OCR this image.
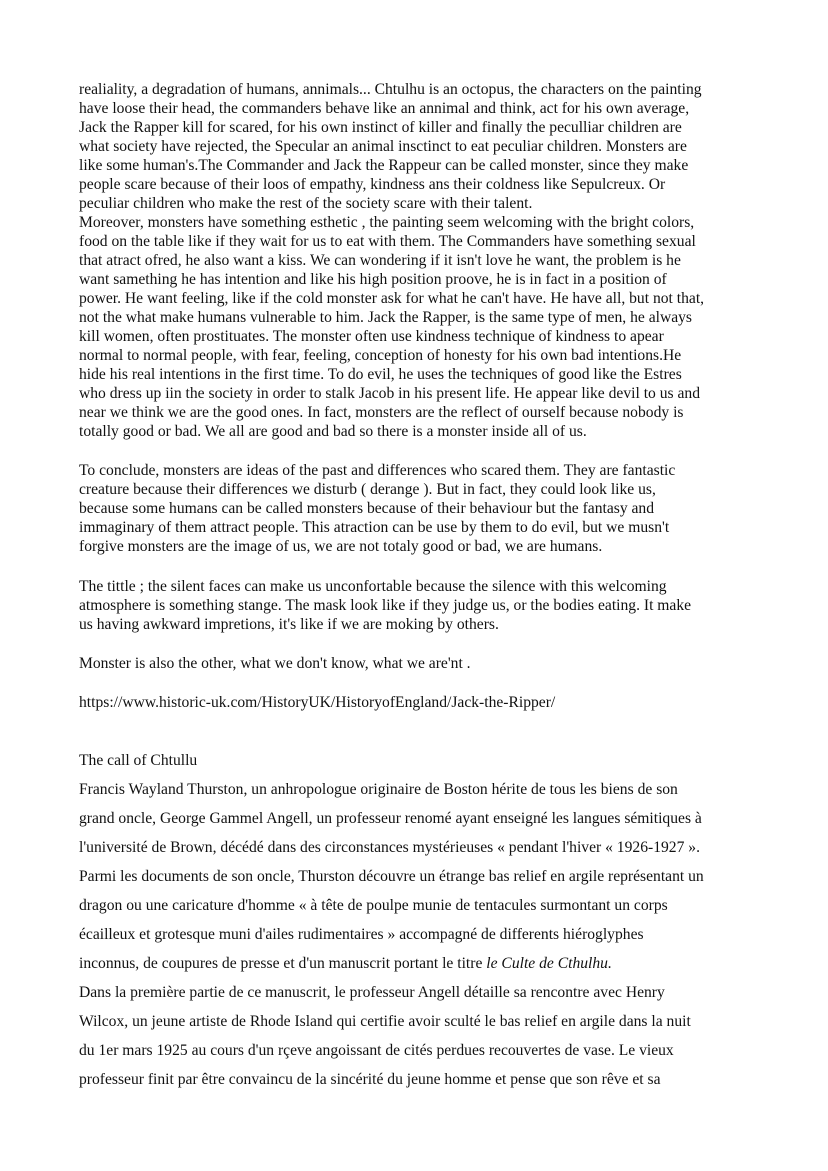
realiality, a degradation of humans, annimals... Chtulhu is an octopus, the characters on the painting

have loose their head, the commanders behave like an annimal and think, act for his own average,

Jack the Rapper kill for scared, for his own instinct of killer and finally the peculliar children are

what society have rejected, the Specular an animal insctinct to eat peculiar children. Monsters are

like some human's.The Commander and Jack the Rappeur can be called monster, since they make

people scare because of their loos of empathy, kindness ans their coldness like Sepulcreux. Or

peculiar children who make the rest of the society scare with their talent.

Moreover, monsters have something esthetic , the painting seem welcoming with the bright colors,

food on the table like if they wait for us to eat with them. The Commanders have something sexual

that atract ofred, he also want a kiss. We can wondering if it isn't love he want, the problem is he

want samething he has intention and like his high position proove, he is in fact in a position of

power. He want feeling, like if the cold monster ask for what he can't have. He have all, but not that,

not the what make humans vulnerable to him. Jack the Rapper, is the same type of men, he always

kill women, often prostituates. The monster often use kindness technique of kindness to apear

normal to normal people, with fear, feeling, conception of honesty for his own bad intentions.He

hide his real intentions in the first time. To do evil, he uses the techniques of good like the Estres

who dress up iin the society in order to stalk Jacob in his present life. He appear like devil to us and

near we think we are the good ones. In fact, monsters are the reflect of ourself because nobody is

totally good or bad. We all are good and bad so there is a monster inside all of us.

To conclude, monsters are ideas of the past and differences who scared them. They are fantastic

creature because their differences we disturb ( derange ). But in fact, they could look like us,

because some humans can be called monsters because of their behaviour but the fantasy and

immaginary of them attract people. This atraction can be use by them to do evil, but we musn't

forgive monsters are the image of us, we are not totaly good or bad, we are humans.

The tittle ; the silent faces can make us unconfortable because the silence with this welcoming

atmosphere is something stange. The mask look like if they judge us, or the bodies eating. It make

us having awkward impretions, it's like if we are moking by others.

Monster is also the other, what we don't know, what we are'nt .

https://www.historic-uk.com/HistoryUK/HistoryofEngland/Jack-the-Ripper/

The call of Chtullu

Francis Wayland Thurston, un anhropologue originaire de Boston hérite de tous les biens de son

grand oncle, George Gammel Angell, un professeur renomé ayant enseigné les langues sémitiques à

l'université de Brown, décédé dans des circonstances mystérieuses « pendant l'hiver « 1926-1927 ».

Parmi les documents de son oncle, Thurston découvre un étrange bas relief en argile représentant un

dragon ou une caricature d'homme « à tête de poulpe munie de tentacules surmontant un corps

écailleux et grotesque muni d'ailes rudimentaires » accompagné de differents hiéroglyphes

inconnus, de coupures de presse et d'un manuscrit portant le titre le Culte de Cthulhu.

Dans la première partie de ce manuscrit, le professeur Angell détaille sa rencontre avec Henry

Wilcox, un jeune artiste de Rhode Island qui certifie avoir sculté le bas relief en argile dans la nuit

du 1er mars 1925 au cours d'un rçeve angoissant de cités perdues recouvertes de vase. Le vieux

professeur finit par être convaincu de la sincérité du jeune homme et pense que son rêve et sa
